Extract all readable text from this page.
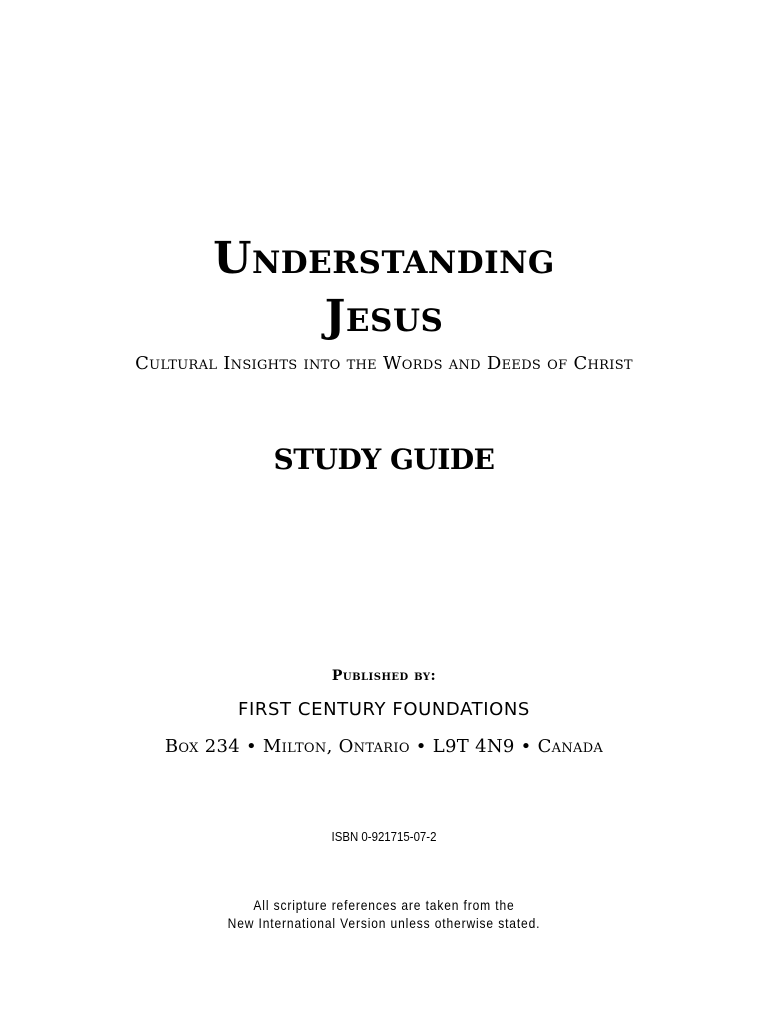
Understanding
Jesus
Cultural Insights into the Words and Deeds of Christ
STUDY GUIDE
Published by:
FIRST CENTURY FOUNDATIONS
Box 234 • Milton, Ontario • L9T 4N9 • Canada
ISBN 0-921715-07-2
All scripture references are taken from the
New International Version unless otherwise stated.
